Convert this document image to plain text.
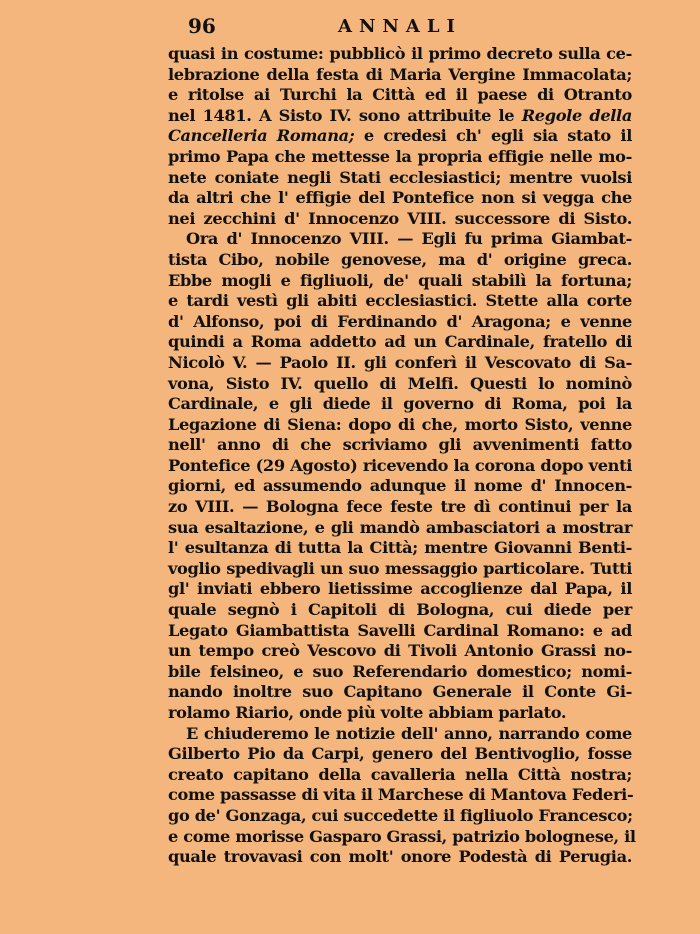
96	ANNALI
quasi in costume: pubblicò il primo decreto sulla ce-
lebrazione della festa di Maria Vergine Immacolata;
e ritolse ai Turchi la Città ed il paese di Otranto
nel 1481. A Sisto IV. sono attribuite le Regole della
Cancelleria Romana; e credesi ch' egli sia stato il
primo Papa che mettesse la propria effigie nelle mo-
nete coniate negli Stati ecclesiastici; mentre vuolsi
da altri che l' effigie del Pontefice non si vegga che
nei zecchini d' Innocenzo VIII. successore di Sisto.
Ora d' Innocenzo VIII. — Egli fu prima Giambat-
tista Cibo, nobile genovese, ma d' origine greca.
Ebbe mogli e figliuoli, de' quali stabilì la fortuna;
e tardi vestì gli abiti ecclesiastici. Stette alla corte
d' Alfonso, poi di Ferdinando d' Aragona; e venne
quindi a Roma addetto ad un Cardinale, fratello di
Nicolò V. — Paolo II. gli conferì il Vescovato di Sa-
vona, Sisto IV. quello di Melfi. Questi lo nominò
Cardinale, e gli diede il governo di Roma, poi la
Legazione di Siena: dopo di che, morto Sisto, venne
nell' anno di che scriviamo gli avvenimenti fatto
Pontefice (29 Agosto) ricevendo la corona dopo venti
giorni, ed assumendo adunque il nome d' Innocen-
zo VIII. — Bologna fece feste tre dì continui per la
sua esaltazione, e gli mandò ambasciatori a mostrar
l' esultanza di tutta la Città; mentre Giovanni Benti-
voglio spedivagli un suo messaggio particolare. Tutti
gl' inviati ebbero lietissime accoglienze dal Papa, il
quale segnò i Capitoli di Bologna, cui diede per
Legato Giambattista Savelli Cardinal Romano: e ad
un tempo creò Vescovo di Tivoli Antonio Grassi no-
bile felsineo, e suo Referendario domestico; nomi-
nando inoltre suo Capitano Generale il Conte Gi-
rolamo Riario, onde più volte abbiam parlato.
E chiuderemo le notizie dell' anno, narrando come
Gilberto Pio da Carpi, genero del Bentivoglio, fosse
creato capitano della cavalleria nella Città nostra;
come passasse di vita il Marchese di Mantova Federi-
go de' Gonzaga, cui succedette il figliuolo Francesco;
e come morisse Gasparo Grassi, patrizio bolognese, il
quale trovavasi con molt' onore Podestà di Perugia.
